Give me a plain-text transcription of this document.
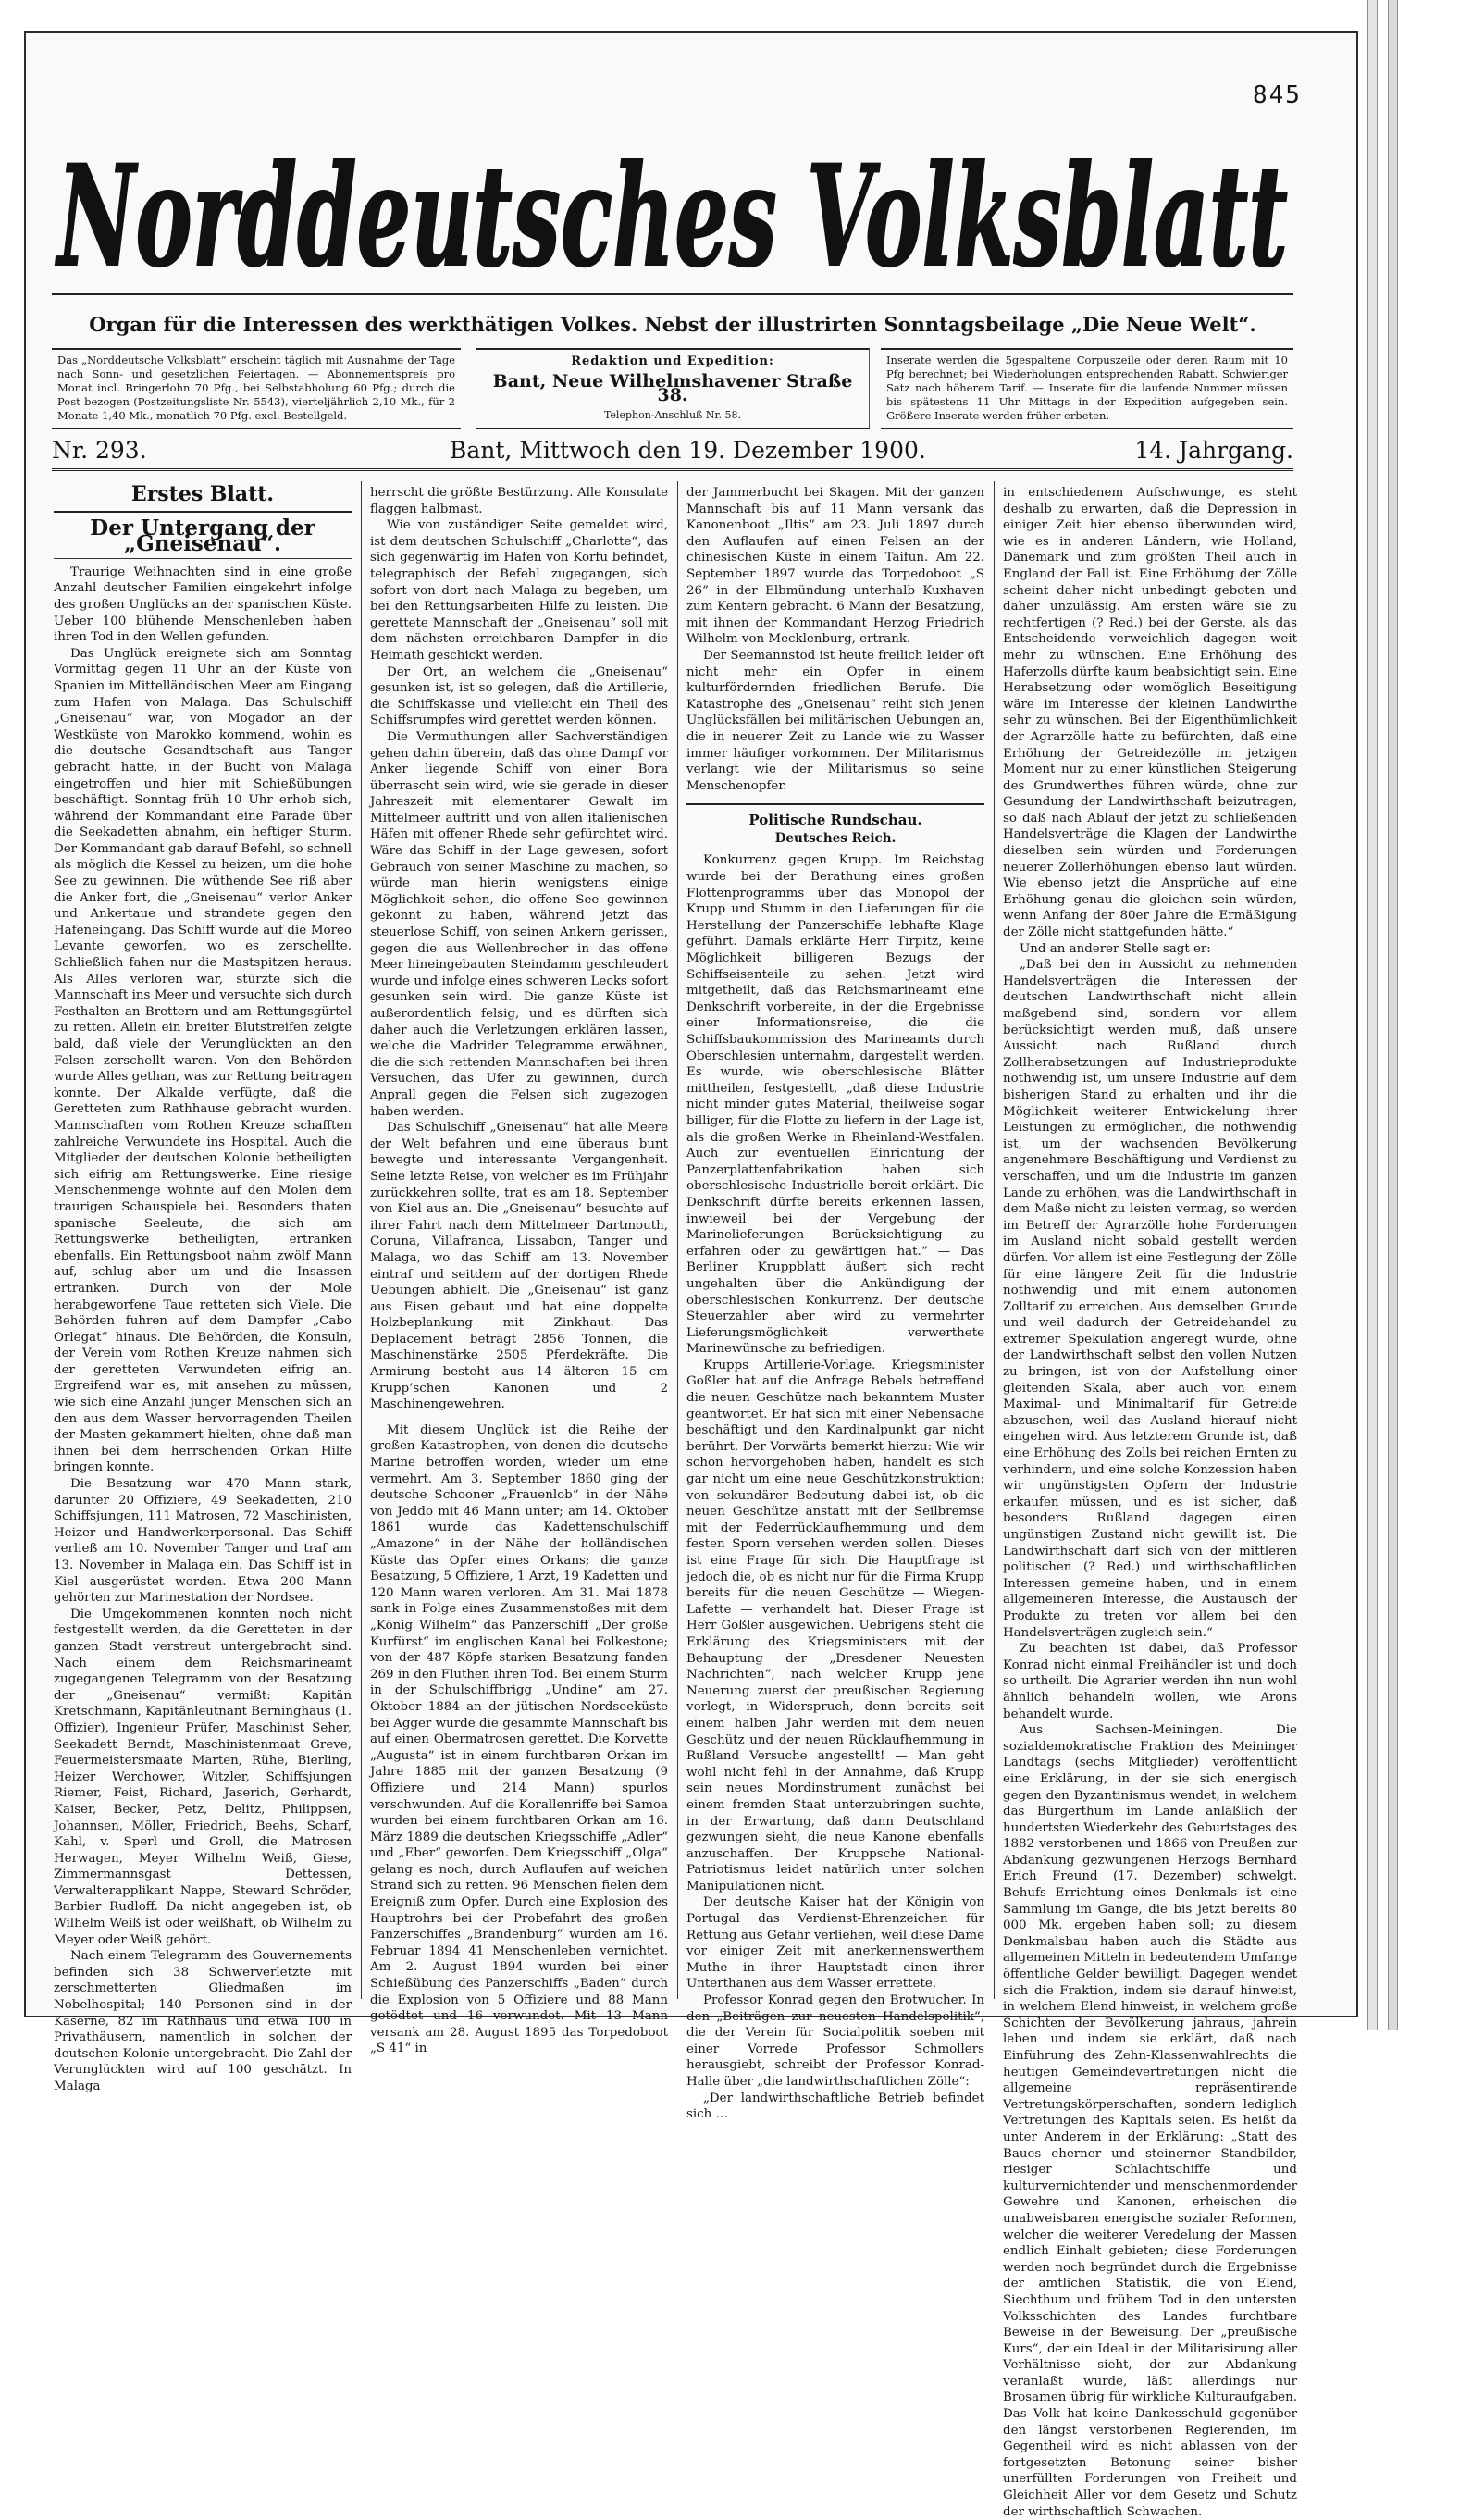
845
Norddeutsches Volksblatt
Organ für die Interessen des werkthätigen Volkes. Nebst der illustrirten Sonntagsbeilage „Die Neue Welt“.

Das „Norddeutsche Volksblatt“ erscheint täglich mit Ausnahme der Tage nach Sonn- und gesetzlichen Feiertagen. — Abonnementspreis pro Monat incl. Bringerlohn 70 Pfg., bei Selbstabholung 60 Pfg.; durch die Post bezogen (Postzeitungsliste Nr. 5543), vierteljährlich 2,10 Mk., für 2 Monate 1,40 Mk., monatlich 70 Pfg. excl. Bestellgeld.

Redaktion und Expedition:
Bant, Neue Wilhelmshavener Straße 38.
Telephon-Anschluß Nr. 58.

Inserate werden die 5gespaltene Corpuszeile oder deren Raum mit 10 Pfg berechnet; bei Wiederholungen entsprechenden Rabatt. Schwieriger Satz nach höherem Tarif. — Inserate für die laufende Nummer müssen bis spätestens 11 Uhr Mittags in der Expedition aufgegeben sein. Größere Inserate werden früher erbeten.

Nr. 293.	Bant, Mittwoch den 19. Dezember 1900.	14. Jahrgang.
Erstes Blatt.
Der Untergang der „Gneisenau“.

Traurige Weihnachten sind in eine große Anzahl deutscher Familien eingekehrt infolge des großen Unglücks an der spanischen Küste. Ueber 100 blühende Menschenleben haben ihren Tod in den Wellen gefunden.

Das Unglück ereignete sich am Sonntag Vormittag gegen 11 Uhr an der Küste von Spanien im Mittelländischen Meer am Eingang zum Hafen von Malaga. Das Schulschiff „Gneisenau“ war, von Mogador an der Westküste von Marokko kommend, wohin es die deutsche Gesandtschaft aus Tanger gebracht hatte, in der Bucht von Malaga eingetroffen und hier mit Schießübungen beschäftigt. Sonntag früh 10 Uhr erhob sich, während der Kommandant eine Parade über die Seekadetten abnahm, ein heftiger Sturm. Der Kommandant gab darauf Befehl, so schnell als möglich die Kessel zu heizen, um die hohe See zu gewinnen. Die wüthende See riß aber die Anker fort, die „Gneisenau“ verlor Anker und Ankertaue und strandete gegen den Hafeneingang. Das Schiff wurde auf die Moreo Levante geworfen, wo es zerschellte. Schließlich fahen nur die Mastspitzen heraus. Als Alles verloren war, stürzte sich die Mannschaft ins Meer und versuchte sich durch Festhalten an Brettern und am Rettungsgürtel zu retten. Allein ein breiter Blutstreifen zeigte bald, daß viele der Verunglückten an den Felsen zerschellt waren. Von den Behörden wurde Alles gethan, was zur Rettung beitragen konnte. Der Alkalde verfügte, daß die Geretteten zum Rathhause gebracht wurden. Mannschaften vom Rothen Kreuze schafften zahlreiche Verwundete ins Hospital. Auch die Mitglieder der deutschen Kolonie betheiligten sich eifrig am Rettungswerke. Eine riesige Menschenmenge wohnte auf den Molen dem traurigen Schauspiele bei. Besonders thaten spanische Seeleute, die sich am Rettungswerke betheiligten, ertranken ebenfalls. Ein Rettungsboot nahm zwölf Mann auf, schlug aber um und die Insassen ertranken. Durch von der Mole herabgeworfene Taue retteten sich Viele. Die Behörden fuhren auf dem Dampfer „Cabo Orlegat“ hinaus. Die Behörden, die Konsuln, der Verein vom Rothen Kreuze nahmen sich der geretteten Verwundeten eifrig an. Ergreifend war es, mit ansehen zu müssen, wie sich eine Anzahl junger Menschen sich an den aus dem Wasser hervorragenden Theilen der Masten gekammert hielten, ohne daß man ihnen bei dem herrschenden Orkan Hilfe bringen konnte.

Die Besatzung war 470 Mann stark, darunter 20 Offiziere, 49 Seekadetten, 210 Schiffsjungen, 111 Matrosen, 72 Maschinisten, Heizer und Handwerkerpersonal. Das Schiff verließ am 10. November Tanger und traf am 13. November in Malaga ein. Das Schiff ist in Kiel ausgerüstet worden. Etwa 200 Mann gehörten zur Marinestation der Nordsee.

Die Umgekommenen konnten noch nicht festgestellt werden, da die Geretteten in der ganzen Stadt verstreut untergebracht sind. Nach einem dem Reichsmarineamt zugegangenen Telegramm von der Besatzung der „Gneisenau“ vermißt: Kapitän Kretschmann, Kapitänleutnant Berninghaus (1. Offizier), Ingenieur Prüfer, Maschinist Seher, Seekadett Berndt, Maschinistenmaat Greve, Feuermeistersmaate Marten, Rühe, Bierling, Heizer Werchower, Witzler, Schiffsjungen Riemer, Feist, Richard, Jaserich, Gerhardt, Kaiser, Becker, Petz, Delitz, Philippsen, Johannsen, Möller, Friedrich, Beehs, Scharf, Kahl, v. Sperl und Groll, die Matrosen Herwagen, Meyer Wilhelm Weiß, Giese, Zimmermannsgast Dettessen, Verwalterapplikant Nappe, Steward Schröder, Barbier Rudloff. Da nicht angegeben ist, ob Wilhelm Weiß ist oder weißhaft, ob Wilhelm zu Meyer oder Weiß gehört.

Nach einem Telegramm des Gouvernements befinden sich 38 Schwerverletzte mit zerschmetterten Gliedmaßen im Nobelhospital; 140 Personen sind in der Kaserne, 82 im Rathhaus und etwa 100 in Privathäusern, namentlich in solchen der deutschen Kolonie untergebracht. Die Zahl der Verunglückten wird auf 100 geschätzt. In Malaga

herrscht die größte Bestürzung. Alle Konsulate flaggen halbmast.

Wie von zuständiger Seite gemeldet wird, ist dem deutschen Schulschiff „Charlotte“, das sich gegenwärtig im Hafen von Korfu befindet, telegraphisch der Befehl zugegangen, sich sofort von dort nach Malaga zu begeben, um bei den Rettungsarbeiten Hilfe zu leisten. Die gerettete Mannschaft der „Gneisenau“ soll mit dem nächsten erreichbaren Dampfer in die Heimath geschickt werden.

Der Ort, an welchem die „Gneisenau“ gesunken ist, ist so gelegen, daß die Artillerie, die Schiffskasse und vielleicht ein Theil des Schiffsrumpfes wird gerettet werden können.

Die Vermuthungen aller Sachverständigen gehen dahin überein, daß das ohne Dampf vor Anker liegende Schiff von einer Bora überrascht sein wird, wie sie gerade in dieser Jahreszeit mit elementarer Gewalt im Mittelmeer auftritt und von allen italienischen Häfen mit offener Rhede sehr gefürchtet wird. Wäre das Schiff in der Lage gewesen, sofort Gebrauch von seiner Maschine zu machen, so würde man hierin wenigstens einige Möglichkeit sehen, die offene See gewinnen gekonnt zu haben, während jetzt das steuerlose Schiff, von seinen Ankern gerissen, gegen die aus Wellenbrecher in das offene Meer hineingebauten Steindamm geschleudert wurde und infolge eines schweren Lecks sofort gesunken sein wird. Die ganze Küste ist außerordentlich felsig, und es dürften sich daher auch die Verletzungen erklären lassen, welche die Madrider Telegramme erwähnen, die die sich rettenden Mannschaften bei ihren Versuchen, das Ufer zu gewinnen, durch Anprall gegen die Felsen sich zugezogen haben werden.

Das Schulschiff „Gneisenau“ hat alle Meere der Welt befahren und eine überaus bunt bewegte und interessante Vergangenheit. Seine letzte Reise, von welcher es im Frühjahr zurückkehren sollte, trat es am 18. September von Kiel aus an. Die „Gneisenau“ besuchte auf ihrer Fahrt nach dem Mittelmeer Dartmouth, Coruna, Villafranca, Lissabon, Tanger und Malaga, wo das Schiff am 13. November eintraf und seitdem auf der dortigen Rhede Uebungen abhielt. Die „Gneisenau“ ist ganz aus Eisen gebaut und hat eine doppelte Holzbeplankung mit Zinkhaut. Das Deplacement beträgt 2856 Tonnen, die Maschinenstärke 2505 Pferdekräfte. Die Armirung besteht aus 14 älteren 15 cm Krupp’schen Kanonen und 2 Maschinengewehren.

Mit diesem Unglück ist die Reihe der großen Katastrophen, von denen die deutsche Marine betroffen worden, wieder um eine vermehrt. Am 3. September 1860 ging der deutsche Schooner „Frauenlob“ in der Nähe von Jeddo mit 46 Mann unter; am 14. Oktober 1861 wurde das Kadettenschulschiff „Amazone“ in der Nähe der holländischen Küste das Opfer eines Orkans; die ganze Besatzung, 5 Offiziere, 1 Arzt, 19 Kadetten und 120 Mann waren verloren. Am 31. Mai 1878 sank in Folge eines Zusammenstoßes mit dem „König Wilhelm“ das Panzerschiff „Der große Kurfürst“ im englischen Kanal bei Folkestone; von der 487 Köpfe starken Besatzung fanden 269 in den Fluthen ihren Tod. Bei einem Sturm in der Schulschiffbrigg „Undine“ am 27. Oktober 1884 an der jütischen Nordseeküste bei Agger wurde die gesammte Mannschaft bis auf einen Obermatrosen gerettet. Die Korvette „Augusta“ ist in einem furchtbaren Orkan im Jahre 1885 mit der ganzen Besatzung (9 Offiziere und 214 Mann) spurlos verschwunden. Auf die Korallenriffe bei Samoa wurden bei einem furchtbaren Orkan am 16. März 1889 die deutschen Kriegsschiffe „Adler“ und „Eber“ geworfen. Dem Kriegsschiff „Olga“ gelang es noch, durch Auflaufen auf weichen Strand sich zu retten. 96 Menschen fielen dem Ereigniß zum Opfer. Durch eine Explosion des Hauptrohrs bei der Probefahrt des großen Panzerschiffes „Brandenburg“ wurden am 16. Februar 1894 41 Menschenleben vernichtet. Am 2. August 1894 wurden bei einer Schießübung des Panzerschiffs „Baden“ durch die Explosion von 5 Offiziere und 88 Mann getödtet und 16 verwundet. Mit 13 Mann versank am 28. August 1895 das Torpedoboot „S 41“ in

der Jammerbucht bei Skagen. Mit der ganzen Mannschaft bis auf 11 Mann versank das Kanonenboot „Iltis“ am 23. Juli 1897 durch den Auflaufen auf einen Felsen an der chinesischen Küste in einem Taifun. Am 22. September 1897 wurde das Torpedoboot „S 26“ in der Elbmündung unterhalb Kuxhaven zum Kentern gebracht. 6 Mann der Besatzung, mit ihnen der Kommandant Herzog Friedrich Wilhelm von Mecklenburg, ertrank.

Der Seemannstod ist heute freilich leider oft nicht mehr ein Opfer in einem kulturfördernden friedlichen Berufe. Die Katastrophe des „Gneisenau“ reiht sich jenen Unglücksfällen bei militärischen Uebungen an, die in neuerer Zeit zu Lande wie zu Wasser immer häufiger vorkommen. Der Militarismus verlangt wie der Militarismus so seine Menschenopfer.

Politische Rundschau.
Deutsches Reich.

Konkurrenz gegen Krupp. Im Reichstag wurde bei der Berathung eines großen Flottenprogramms über das Monopol der Krupp und Stumm in den Lieferungen für die Herstellung der Panzerschiffe lebhafte Klage geführt. Damals erklärte Herr Tirpitz, keine Möglichkeit billigeren Bezugs der Schiffseisenteile zu sehen. Jetzt wird mitgetheilt, daß das Reichsmarineamt eine Denkschrift vorbereite, in der die Ergebnisse einer Informationsreise, die die Schiffsbaukommission des Marineamts durch Oberschlesien unternahm, dargestellt werden. Es wurde, wie oberschlesische Blätter mittheilen, festgestellt, „daß diese Industrie nicht minder gutes Material, theilweise sogar billiger, für die Flotte zu liefern in der Lage ist, als die großen Werke in Rheinland-Westfalen. Auch zur eventuellen Einrichtung der Panzerplattenfabrikation haben sich oberschlesische Industrielle bereit erklärt. Die Denkschrift dürfte bereits erkennen lassen, inwieweil bei der Vergebung der Marinelieferungen Berücksichtigung zu erfahren oder zu gewärtigen hat.“ — Das Berliner Kruppblatt äußert sich recht ungehalten über die Ankündigung der oberschlesischen Konkurrenz. Der deutsche Steuerzahler aber wird zu vermehrter Lieferungsmöglichkeit verwerthete Marinewünsche zu befriedigen.

Krupps Artillerie-Vorlage. Kriegsminister Goßler hat auf die Anfrage Bebels betreffend die neuen Geschütze nach bekanntem Muster geantwortet. Er hat sich mit einer Nebensache beschäftigt und den Kardinalpunkt gar nicht berührt. Der Vorwärts bemerkt hierzu: Wie wir schon hervorgehoben haben, handelt es sich gar nicht um eine neue Geschützkonstruktion: von sekundärer Bedeutung dabei ist, ob die neuen Geschütze anstatt mit der Seilbremse mit der Federrücklaufhemmung und dem festen Sporn versehen werden sollen. Dieses ist eine Frage für sich. Die Hauptfrage ist jedoch die, ob es nicht nur für die Firma Krupp bereits für die neuen Geschütze — Wiegen-Lafette — verhandelt hat. Dieser Frage ist Herr Goßler ausgewichen. Uebrigens steht die Erklärung des Kriegsministers mit der Behauptung der „Dresdener Neuesten Nachrichten“, nach welcher Krupp jene Neuerung zuerst der preußischen Regierung vorlegt, in Widerspruch, denn bereits seit einem halben Jahr werden mit dem neuen Geschütz und der neuen Rücklaufhemmung in Rußland Versuche angestellt! — Man geht wohl nicht fehl in der Annahme, daß Krupp sein neues Mordinstrument zunächst bei einem fremden Staat unterzubringen suchte, in der Erwartung, daß dann Deutschland gezwungen sieht, die neue Kanone ebenfalls anzuschaffen. Der Kruppsche National-Patriotismus leidet natürlich unter solchen Manipulationen nicht.

Der deutsche Kaiser hat der Königin von Portugal das Verdienst-Ehrenzeichen für Rettung aus Gefahr verliehen, weil diese Dame vor einiger Zeit mit anerkennenswerthem Muthe in ihrer Hauptstadt einen ihrer Unterthanen aus dem Wasser errettete.

Professor Konrad gegen den Brotwucher. In den „Beiträgen zur neuesten Handelspolitik“, die der Verein für Socialpolitik soeben mit einer Vorrede Professor Schmollers herausgiebt, schreibt der Professor Konrad-Halle über „die landwirthschaftlichen Zölle“:

„Der landwirthschaftliche Betrieb befindet sich …

in entschiedenem Aufschwunge, es steht deshalb zu erwarten, daß die Depression in einiger Zeit hier ebenso überwunden wird, wie es in anderen Ländern, wie Holland, Dänemark und zum größten Theil auch in England der Fall ist. Eine Erhöhung der Zölle scheint daher nicht unbedingt geboten und daher unzulässig. Am ersten wäre sie zu rechtfertigen (? Red.) bei der Gerste, als das Entscheidende verweichlich dagegen weit mehr zu wünschen. Eine Erhöhung des Haferzolls dürfte kaum beabsichtigt sein. Eine Herabsetzung oder womöglich Beseitigung wäre im Interesse der kleinen Landwirthe sehr zu wünschen. Bei der Eigenthümlichkeit der Agrarzölle hatte zu befürchten, daß eine Erhöhung der Getreidezölle im jetzigen Moment nur zu einer künstlichen Steigerung des Grundwerthes führen würde, ohne zur Gesundung der Landwirthschaft beizutragen, so daß nach Ablauf der jetzt zu schließenden Handelsverträge die Klagen der Landwirthe dieselben sein würden und Forderungen neuerer Zollerhöhungen ebenso laut würden. Wie ebenso jetzt die Ansprüche auf eine Erhöhung genau die gleichen sein würden, wenn Anfang der 80er Jahre die Ermäßigung der Zölle nicht stattgefunden hätte.“

Und an anderer Stelle sagt er:

„Daß bei den in Aussicht zu nehmenden Handelsverträgen die Interessen der deutschen Landwirthschaft nicht allein maßgebend sind, sondern vor allem berücksichtigt werden muß, daß unsere Aussicht nach Rußland durch Zollherabsetzungen auf Industrieprodukte nothwendig ist, um unsere Industrie auf dem bisherigen Stand zu erhalten und ihr die Möglichkeit weiterer Entwickelung ihrer Leistungen zu ermöglichen, die nothwendig ist, um der wachsenden Bevölkerung angenehmere Beschäftigung und Verdienst zu verschaffen, und um die Industrie im ganzen Lande zu erhöhen, was die Landwirthschaft in dem Maße nicht zu leisten vermag, so werden im Betreff der Agrarzölle hohe Forderungen im Ausland nicht sobald gestellt werden dürfen. Vor allem ist eine Festlegung der Zölle für eine längere Zeit für die Industrie nothwendig und mit einem autonomen Zolltarif zu erreichen. Aus demselben Grunde und weil dadurch der Getreidehandel zu extremer Spekulation angeregt würde, ohne der Landwirthschaft selbst den vollen Nutzen zu bringen, ist von der Aufstellung einer gleitenden Skala, aber auch von einem Maximal- und Minimaltarif für Getreide abzusehen, weil das Ausland hierauf nicht eingehen wird. Aus letzterem Grunde ist, daß eine Erhöhung des Zolls bei reichen Ernten zu verhindern, und eine solche Konzession haben wir ungünstigsten Opfern der Industrie erkaufen müssen, und es ist sicher, daß besonders Rußland dagegen einen ungünstigen Zustand nicht gewillt ist. Die Landwirthschaft darf sich von der mittleren politischen (? Red.) und wirthschaftlichen Interessen gemeine haben, und in einem allgemeineren Interesse, die Austausch der Produkte zu treten vor allem bei den Handelsverträgen zugleich sein.“

Zu beachten ist dabei, daß Professor Konrad nicht einmal Freihändler ist und doch so urtheilt. Die Agrarier werden ihn nun wohl ähnlich behandeln wollen, wie Arons behandelt wurde.

Aus Sachsen-Meiningen. Die sozialdemokratische Fraktion des Meininger Landtags (sechs Mitglieder) veröffentlicht eine Erklärung, in der sie sich energisch gegen den Byzantinismus wendet, in welchem das Bürgerthum im Lande anläßlich der hundertsten Wiederkehr des Geburtstages des 1882 verstorbenen und 1866 von Preußen zur Abdankung gezwungenen Herzogs Bernhard Erich Freund (17. Dezember) schwelgt. Behufs Errichtung eines Denkmals ist eine Sammlung im Gange, die bis jetzt bereits 80 000 Mk. ergeben haben soll; zu diesem Denkmalsbau haben auch die Städte aus allgemeinen Mitteln in bedeutendem Umfange öffentliche Gelder bewilligt. Dagegen wendet sich die Fraktion, indem sie darauf hinweist, in welchem Elend hinweist, in welchem große Schichten der Bevölkerung jahraus, jahrein leben und indem sie erklärt, daß nach Einführung des Zehn-Klassenwahlrechts die heutigen Gemeindevertretungen nicht die allgemeine repräsentirende Vertretungskörperschaften, sondern lediglich Vertretungen des Kapitals seien. Es heißt da unter Anderem in der Erklärung: „Statt des Baues eherner und steinerner Standbilder, riesiger Schlachtschiffe und kulturvernichtender und menschenmordender Gewehre und Kanonen, erheischen die unabweisbaren energische sozialer Reformen, welcher die weiterer Veredelung der Massen endlich Einhalt gebieten; diese Forderungen werden noch begründet durch die Ergebnisse der amtlichen Statistik, die von Elend, Siechthum und frühem Tod in den untersten Volksschichten des Landes furchtbare Beweise in der Beweisung. Der „preußische Kurs“, der ein Ideal in der Militarisirung aller Verhältnisse sieht, der zur Abdankung veranlaßt wurde, läßt allerdings nur Brosamen übrig für wirkliche Kulturaufgaben. Das Volk hat keine Dankesschuld gegenüber den längst verstorbenen Regierenden, im Gegentheil wird es nicht ablassen von der fortgesetzten Betonung seiner bisher unerfüllten Forderungen von Freiheit und Gleichheit Aller vor dem Gesetz und Schutz der wirthschaftlich Schwachen.
